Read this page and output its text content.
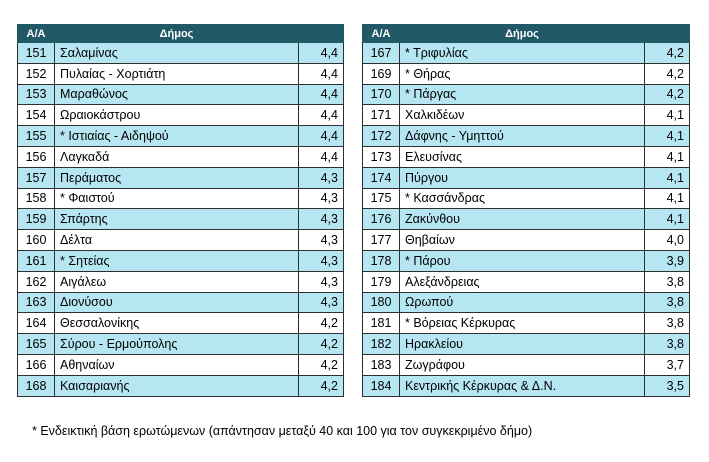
Α/Α	Δήμος	
151	Σαλαμίνας	4,4
152	Πυλαίας - Χορτιάτη	4,4
153	Μαραθώνος	4,4
154	Ωραιοκάστρου	4,4
155	* Ιστιαίας - Αιδηψού	4,4
156	Λαγκαδά	4,4
157	Περάματος	4,3
158	* Φαιστού	4,3
159	Σπάρτης	4,3
160	Δέλτα	4,3
161	* Σητείας	4,3
162	Αιγάλεω	4,3
163	Διονύσου	4,3
164	Θεσσαλονίκης	4,2
165	Σύρου - Ερμούπολης	4,2
166	Αθηναίων	4,2
168	Καισαριανής	4,2
Α/Α	Δήμος	
167	* Τριφυλίας	4,2
169	* Θήρας	4,2
170	* Πάργας	4,2
171	Χαλκιδέων	4,1
172	Δάφνης - Υμηττού	4,1
173	Ελευσίνας	4,1
174	Πύργου	4,1
175	* Κασσάνδρας	4,1
176	Ζακύνθου	4,1
177	Θηβαίων	4,0
178	* Πάρου	3,9
179	Αλεξάνδρειας	3,8
180	Ωρωπού	3,8
181	* Βόρειας Κέρκυρας	3,8
182	Ηρακλείου	3,8
183	Ζωγράφου	3,7
184	Κεντρικής Κέρκυρας & Δ.Ν.	3,5
* Ενδεικτική βάση ερωτώμενων (απάντησαν μεταξύ 40 και 100 για τον συγκεκριμένο δήμο)
